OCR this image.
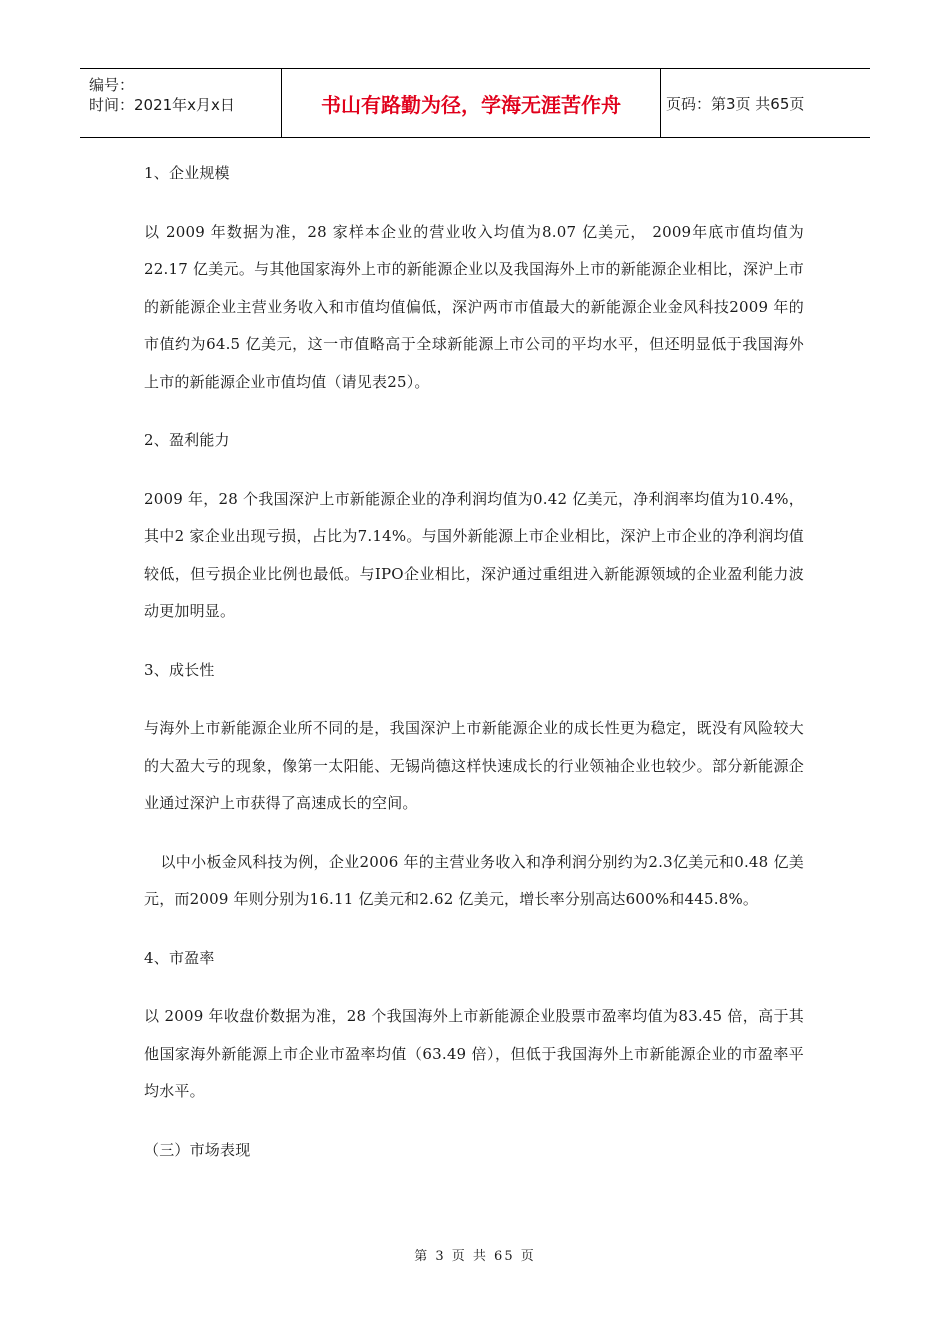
编号：
时间：2021年x月x日	书山有路勤为径，学海无涯苦作舟	页码：第3页 共65页

1、企业规模

以 2009 年数据为准，28 家样本企业的营业收入均值为8.07 亿美元， 2009年底市值均值为22.17 亿美元。与其他国家海外上市的新能源企业以及我国海外上市的新能源企业相比，深沪上市的新能源企业主营业务收入和市值均值偏低，深沪两市市值最大的新能源企业金风科技2009 年的市值约为64.5 亿美元，这一市值略高于全球新能源上市公司的平均水平，但还明显低于我国海外上市的新能源企业市值均值（请见表25）。

2、盈利能力

2009 年，28 个我国深沪上市新能源企业的净利润均值为0.42 亿美元，净利润率均值为10.4%，其中2 家企业出现亏损，占比为7.14%。与国外新能源上市企业相比，深沪上市企业的净利润均值较低，但亏损企业比例也最低。与IPO企业相比，深沪通过重组进入新能源领域的企业盈利能力波动更加明显。

3、成长性

与海外上市新能源企业所不同的是，我国深沪上市新能源企业的成长性更为稳定，既没有风险较大的大盈大亏的现象，像第一太阳能、无锡尚德这样快速成长的行业领袖企业也较少。部分新能源企业通过深沪上市获得了高速成长的空间。

以中小板金风科技为例，企业2006 年的主营业务收入和净利润分别约为2.3亿美元和0.48 亿美元，而2009 年则分别为16.11 亿美元和2.62 亿美元，增长率分别高达600%和445.8%。

4、市盈率

以 2009 年收盘价数据为准，28 个我国海外上市新能源企业股票市盈率均值为83.45 倍，高于其他国家海外新能源上市企业市盈率均值（63.49 倍），但低于我国海外上市新能源企业的市盈率平均水平。

（三）市场表现

第 3 页 共 65 页
